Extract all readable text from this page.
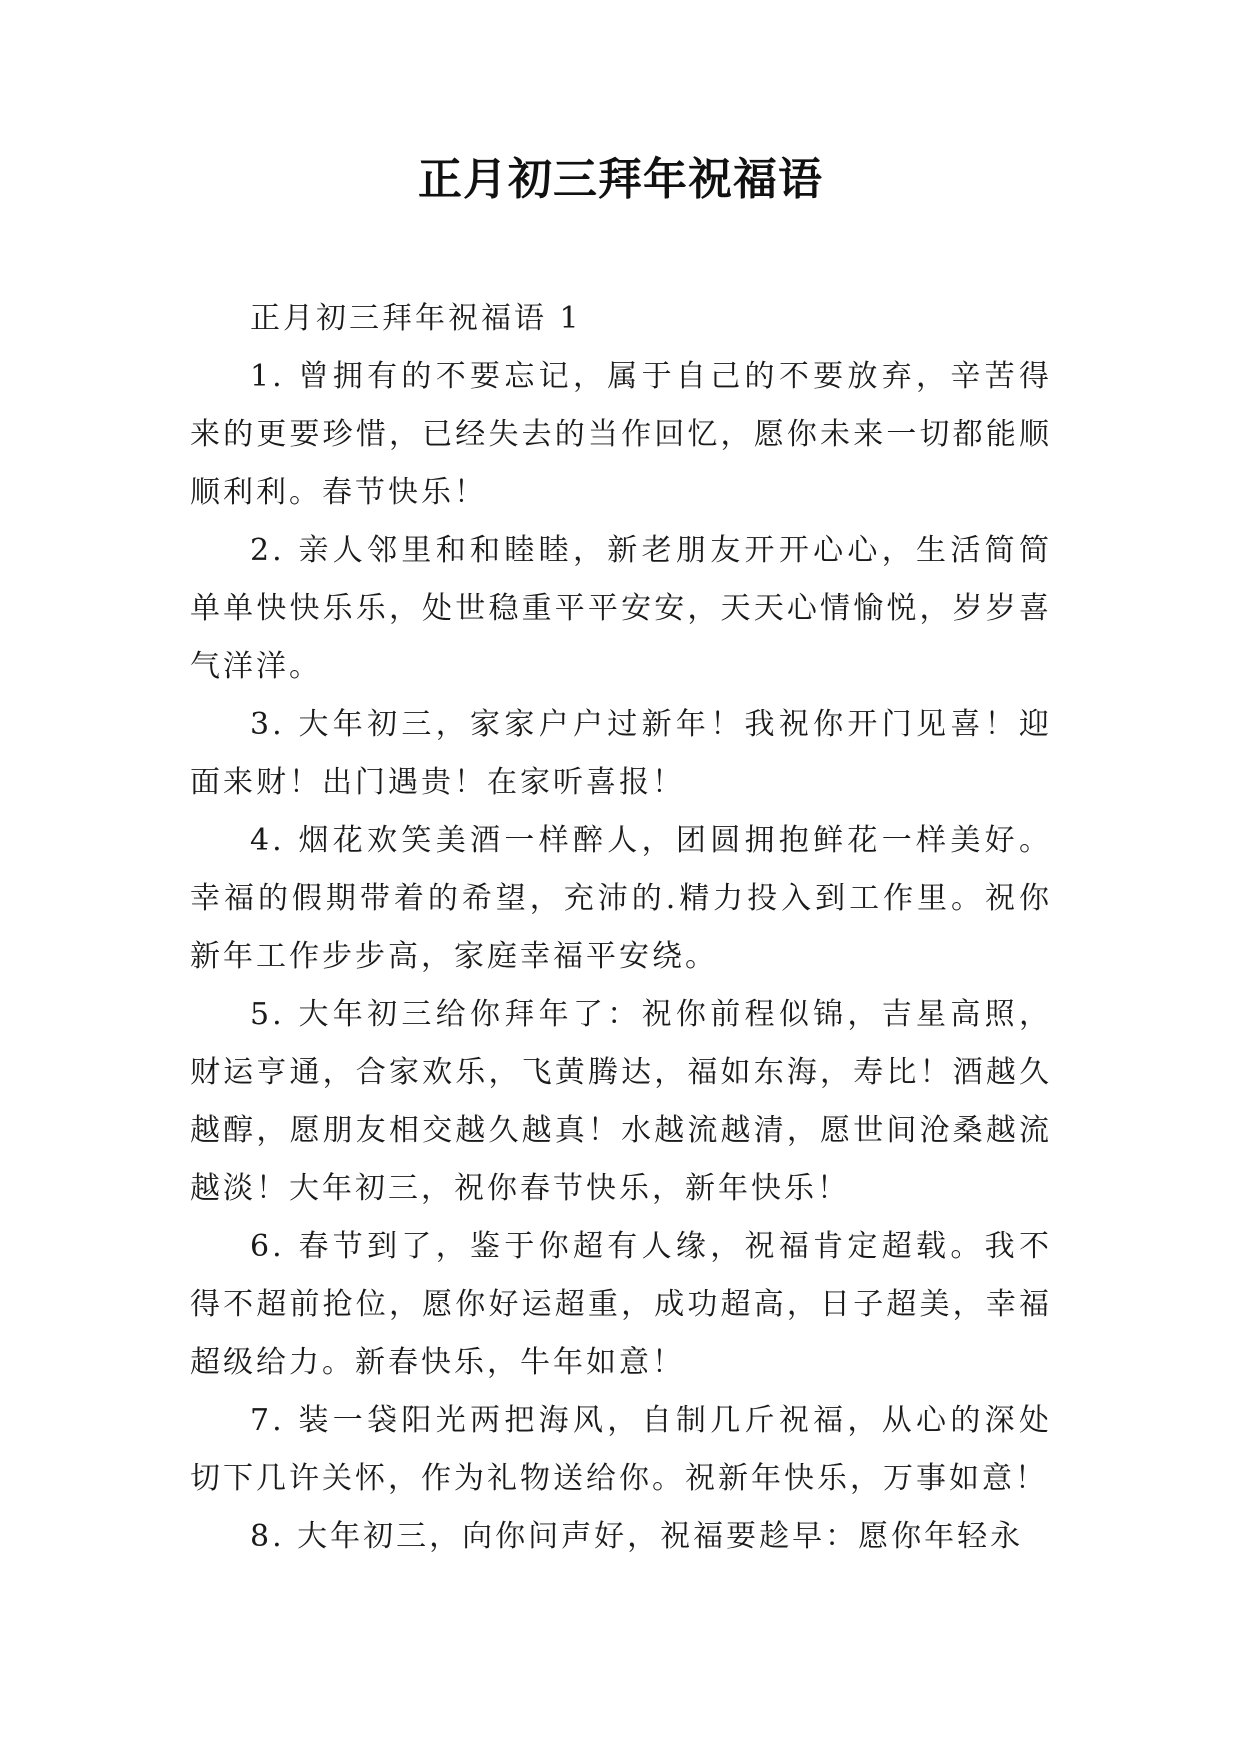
正月初三拜年祝福语

正月初三拜年祝福语 1

1. 曾拥有的不要忘记，属于自己的不要放弃，辛苦得来的更要珍惜，已经失去的当作回忆，愿你未来一切都能顺顺利利。春节快乐！

2. 亲人邻里和和睦睦，新老朋友开开心心，生活简简单单快快乐乐，处世稳重平平安安，天天心情愉悦，岁岁喜气洋洋。

3. 大年初三，家家户户过新年！我祝你开门见喜！迎面来财！出门遇贵！在家听喜报！

4. 烟花欢笑美酒一样醉人，团圆拥抱鲜花一样美好。幸福的假期带着的希望，充沛的.精力投入到工作里。祝你新年工作步步高，家庭幸福平安绕。

5. 大年初三给你拜年了：祝你前程似锦，吉星高照，财运亨通，合家欢乐，飞黄腾达，福如东海，寿比！酒越久越醇，愿朋友相交越久越真！水越流越清，愿世间沧桑越流越淡！大年初三，祝你春节快乐，新年快乐！

6. 春节到了，鉴于你超有人缘，祝福肯定超载。我不得不超前抢位，愿你好运超重，成功超高，日子超美，幸福超级给力。新春快乐，牛年如意！

7. 装一袋阳光两把海风，自制几斤祝福，从心的深处切下几许关怀，作为礼物送给你。祝新年快乐，万事如意！

8. 大年初三，向你问声好，祝福要趁早：愿你年轻永
